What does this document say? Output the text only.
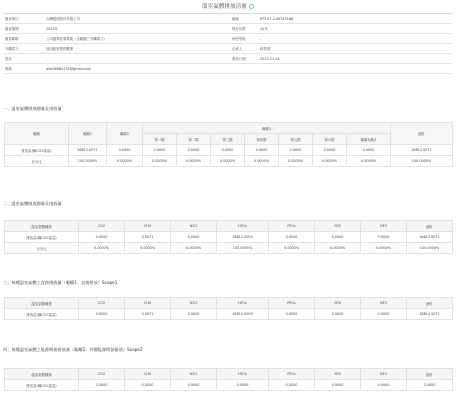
溫室氣體排放清冊
盤查單位	台灣製造股份有限公司	編號	RTY-07-2-50743166
盤查期間	2022年	保存年限	10年
盤查範疇	公司邊界控制系統（含範圍三外購電力）	保密等級	-
外購電力	採用政府提供數據	負責人	林思琪
電話	-	製表日期	2023-11-24
郵箱	wiic56984132@gmail.com
一、溫室氣體排放總量及排放量
範疇	範疇1	範疇2	範疇3							總計
			第一類	第二類	第三類	第四類	第五類	第六類	範疇3總計	
排放量(噸CO2當量)	18812.0071	0.0000	0.0000	0.0000	0.0000	0.0000	0.0000	0.0000	0.0000	18812.0071
百分比	100.0000%	0.0000%	0.0000%	0.0000%	0.0000%	0.0000%	0.0000%	0.0000%	0.0000%	100.0000%
二、溫室氣體排放總量及排放量
溫室氣體種類	CO2	CH4	N2O	HFCs	PFCs	SF6	NF3	總計
排放量(噸CO2當量)	0.0000	0.0071	0.0000	18812.0000	0.0000	0.0000	0.0000	18812.0071
百分比	0.0000%	0.0000%	0.0000%	100.0000%	0.0000%	0.0000%	0.0000%	100.0000%
三、每種溫室氣體之直接排放量（範疇1：直接排放）Scope1
溫室氣體種類	CO2	CH4	N2O	HFCs	PFCs	SF6	NF3	總計
排放量(噸CO2當量)	0.0000	0.0071	0.0000	18812.0000	0.0000	0.0000	0.0000	18812.0071
四、每種溫室氣體之能源間接排放量（範疇2：外購能源間接排放）Scope2
溫室氣體種類	CO2	CH4	N2O	HFCs	PFCs	SF6	NF3	總計
排放量(噸CO2當量)	0.0000	0.0000	0.0000	0.0000	0.0000	0.0000	0.0000	0.0000
